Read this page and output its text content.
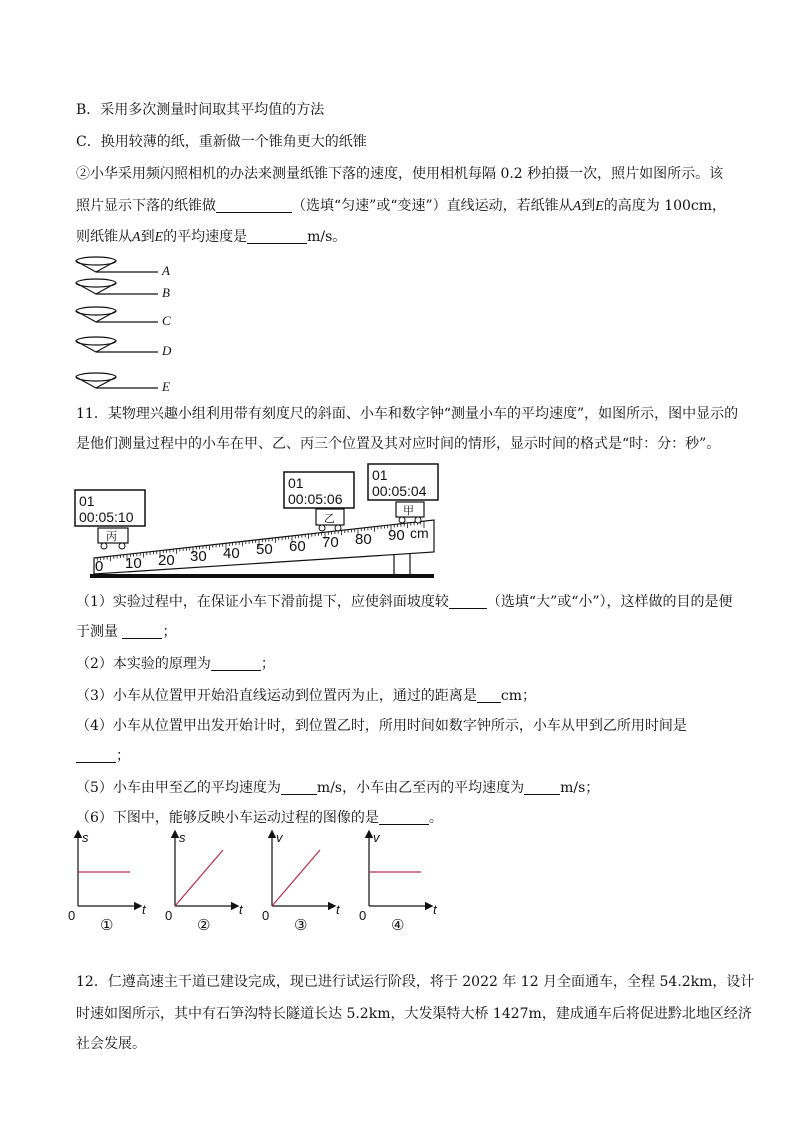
B．采用多次测量时间取其平均值的方法
C．换用较薄的纸，重新做一个锥角更大的纸锥
②小华采用频闪照相机的办法来测量纸锥下落的速度，使用相机每隔 0.2 秒拍摄一次，照片如图所示。该
照片显示下落的纸锥做	（选填“匀速”或“变速”）直线运动，若纸锥从A到E的高度为 100cm，
则纸锥从A到E的平均速度是	m/s。
A
B
C
D
E
11．某物理兴趣小组利用带有刻度尺的斜面、小车和数字钟“测量小车的平均速度”，如图所示，图中显示的
是他们测量过程中的小车在甲、乙、丙三个位置及其对应时间的情形，显示时间的格式是“时：分：秒”。
0 10 20 30 40 50 60 70 80 90 cm
丙
01
00:05:10	乙
01
00:05:06
甲
01
00:05:04
（1）实验过程中，在保证小车下滑前提下，应使斜面坡度较	（选填“大”或“小”），这样做的目的是便
于测量	；
（2）本实验的原理为	；
（3）小车从位置甲开始沿直线运动到位置丙为止，通过的距离是 cm；
（4）小车从位置甲出发开始计时，到位置乙时，所用时间如数字钟所示，小车从甲到乙所用时间是
；
（5）小车由甲至乙的平均速度为	m/s，小车由乙至丙的平均速度为	m/s；
（6）下图中，能够反映小车运动过程的图像的是	。
s
t
0
①
s
t
0
②
v
t
0
③
v
t
0
④
12．仁遵高速主干道已建设完成，现已进行试运行阶段，将于 2022 年 12 月全面通车，全程 54.2km，设计
时速如图所示，其中有石笋沟特长隧道长达 5.2km，大发渠特大桥 1427m，建成通车后将促进黔北地区经济
社会发展。
